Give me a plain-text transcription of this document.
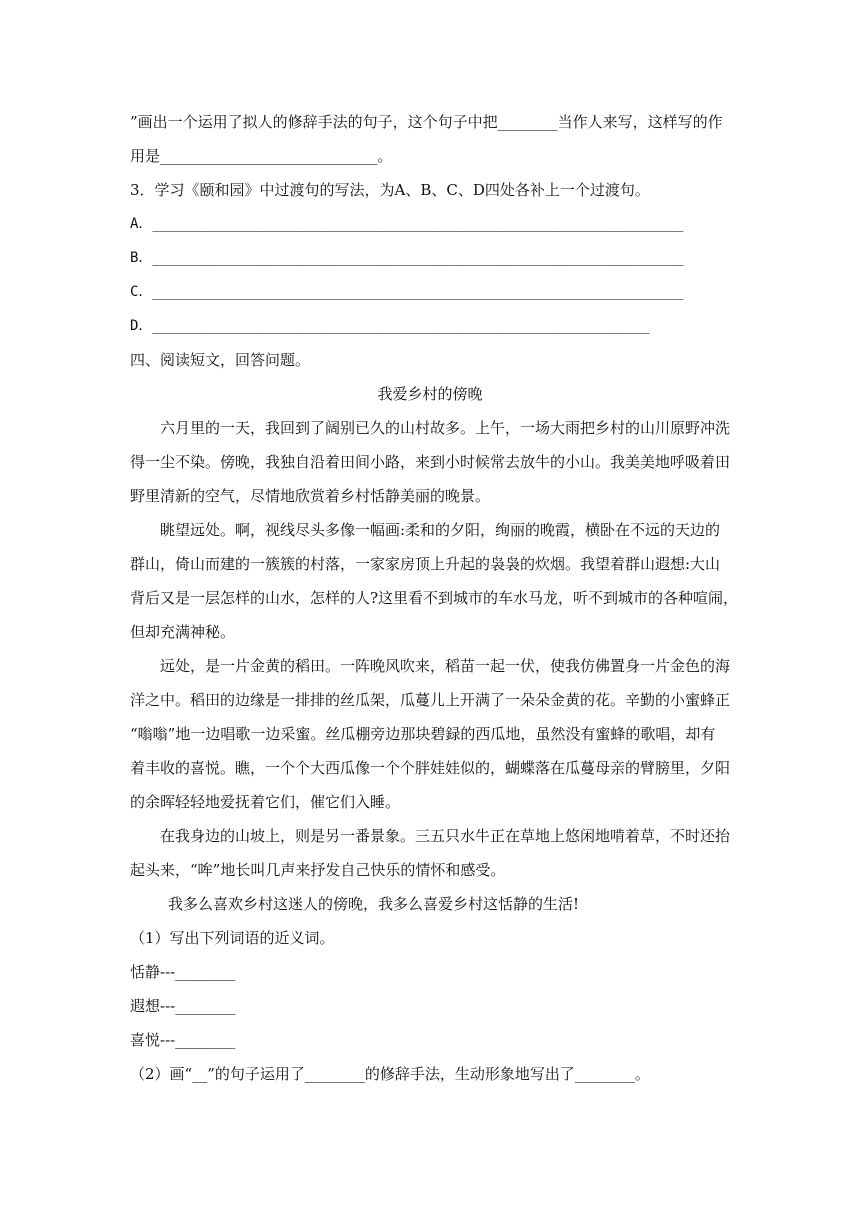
”画出一个运用了拟人的修辞手法的句子，这个句子中把________当作人来写，这样写的作
用是_____________________________。
3．学习《颐和园》中过渡句的写法，为A、B、C、D四处各补上一个过渡句。
A．_______________________________________________________________
B．_______________________________________________________________
C．_______________________________________________________________
D．___________________________________________________________
四、阅读短文，回答问题。
我爱乡村的傍晚
六月里的一天，我回到了阔别已久的山村故多。上午，一场大雨把乡村的山川原野冲洗
得一尘不染。傍晚，我独自沿着田间小路，来到小时候常去放牛的小山。我美美地呼吸着田
野里清新的空气，尽情地欣赏着乡村恬静美丽的晚景。
眺望远处。啊，视线尽头多像一幅画:柔和的夕阳，绚丽的晚霞，横卧在不远的天边的
群山，倚山而建的一簇簇的村落，一家家房顶上升起的袅袅的炊烟。我望着群山遐想:大山
背后又是一层怎样的山水，怎样的人?这里看不到城市的车水马龙，听不到城市的各种喧闹，
但却充满神秘。
远处，是一片金黄的稻田。一阵晚风吹来，稻苗一起一伏，使我仿佛置身一片金色的海
洋之中。稻田的边缘是一排排的丝瓜架，瓜蔓儿上开满了一朵朵金黄的花。辛勤的小蜜蜂正
“嗡嗡”地一边唱歌一边采蜜。丝瓜棚旁边那块碧録的西瓜地，虽然没有蜜蜂的歌唱，却有
着丰收的喜悦。瞧，一个个大西瓜像一个个胖娃娃似的，蝴蝶落在瓜蔓母亲的臂膀里，夕阳
的余晖轻轻地爱抚着它们，催它们入睡。
在我身边的山坡上，则是另一番景象。三五只水牛正在草地上悠闲地啃着草，不时还抬
起头来，“哞”地长叫几声来抒发自己快乐的情怀和感受。
我多么喜欢乡村这迷人的傍晚，我多么喜爱乡村这恬静的生活!
（1）写出下列词语的近义词。
恬静---________
遐想---________
喜悦---________
（2）画“__”的句子运用了________的修辞手法，生动形象地写出了________。
